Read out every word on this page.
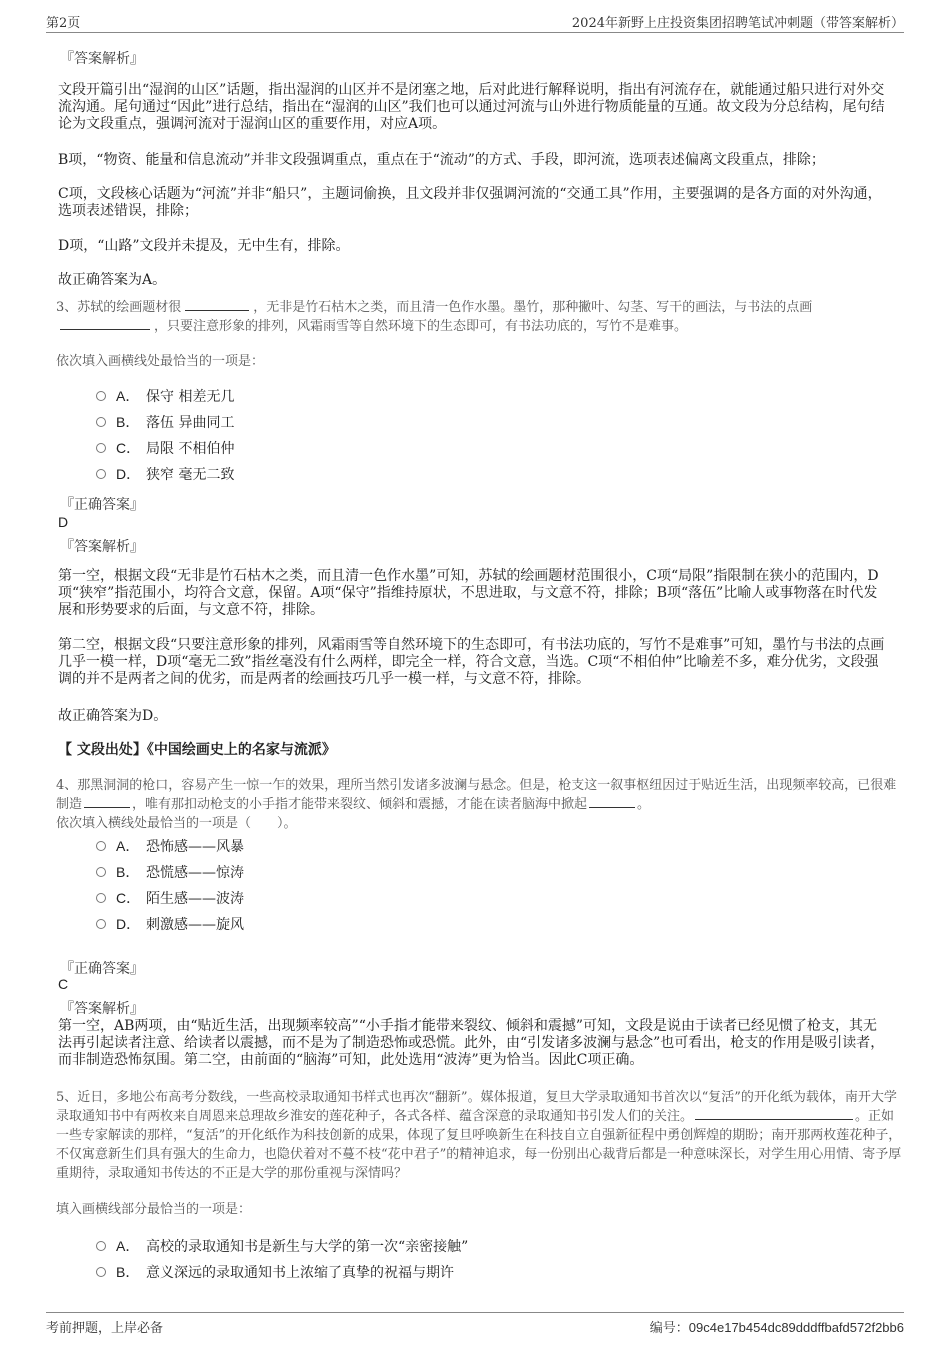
第2页	2024年新野上庄投资集团招聘笔试冲刺题（带答案解析）
『答案解析』
文段开篇引出“湿润的山区”话题，指出湿润的山区并不是闭塞之地，后对此进行解释说明，指出有河流存在，就能通过船只进行对外交流沟通。尾句通过“因此”进行总结，指出在“湿润的山区”我们也可以通过河流与山外进行物质能量的互通。故文段为分总结构，尾句结论为文段重点，强调河流对于湿润山区的重要作用，对应A项。
B项，“物资、能量和信息流动”并非文段强调重点，重点在于“流动”的方式、手段，即河流，选项表述偏离文段重点，排除；
C项，文段核心话题为“河流”并非“船只”，主题词偷换，且文段并非仅强调河流的“交通工具”作用，主要强调的是各方面的对外沟通，选项表述错误，排除；
D项，“山路”文段并未提及，无中生有，排除。
故正确答案为A。
3、苏轼的绘画题材很	，无非是竹石枯木之类，而且清一色作水墨。墨竹，那种撇叶、勾茎、写干的画法，与书法的点画，只要注意形象的排列，风霜雨雪等自然环境下的生态即可，有书法功底的，写竹不是难事。
依次填入画横线处最恰当的一项是：
A． 保守 相差无几
B． 落伍 异曲同工
C． 局限 不相伯仲
D． 狭窄 毫无二致
『正确答案』
D
『答案解析』
第一空，根据文段“无非是竹石枯木之类，而且清一色作水墨”可知，苏轼的绘画题材范围很小，C项“局限”指限制在狭小的范围内，D项“狭窄”指范围小，均符合文意，保留。A项“保守”指维持原状，不思进取，与文意不符，排除；B项“落伍”比喻人或事物落在时代发展和形势要求的后面，与文意不符，排除。
第二空，根据文段“只要注意形象的排列，风霜雨雪等自然环境下的生态即可，有书法功底的，写竹不是难事”可知，墨竹与书法的点画几乎一模一样，D项“毫无二致”指丝毫没有什么两样，即完全一样，符合文意，当选。C项“不相伯仲”比喻差不多，难分优劣，文段强调的并不是两者之间的优劣，而是两者的绘画技巧几乎一模一样，与文意不符，排除。
故正确答案为D。
【 文段出处】《中国绘画史上的名家与流派》
4、那黑洞洞的枪口，容易产生一惊一乍的效果，理所当然引发诸多波澜与悬念。但是，枪支这一叙事枢纽因过于贴近生活，出现频率较高，已很难制造	，唯有那扣动枪支的小手指才能带来裂纹、倾斜和震撼，才能在读者脑海中掀起	。
依次填入横线处最恰当的一项是（　　）。
A． 恐怖感——风暴
B． 恐慌感——惊涛
C． 陌生感——波涛
D． 刺激感——旋风
『正确答案』
C
『答案解析』
第一空，AB两项，由“贴近生活，出现频率较高”“小手指才能带来裂纹、倾斜和震撼”可知，文段是说由于读者已经见惯了枪支，其无法再引起读者注意、给读者以震撼，而不是为了制造恐怖或恐慌。此外，由“引发诸多波澜与悬念”也可看出，枪支的作用是吸引读者，而非制造恐怖氛围。第二空，由前面的“脑海”可知，此处选用“波涛”更为恰当。因此C项正确。
5、近日，多地公布高考分数线，一些高校录取通知书样式也再次“翻新”。媒体报道，复旦大学录取通知书首次以“复活”的开化纸为载体，南开大学录取通知书中有两枚来自周恩来总理故乡淮安的莲花种子，各式各样、蕴含深意的录取通知书引发人们的关注。	。正如一些专家解读的那样，“复活”的开化纸作为科技创新的成果，体现了复旦呼唤新生在科技自立自强新征程中勇创辉煌的期盼；南开那两枚莲花种子，不仅寓意新生们具有强大的生命力，也隐伏着对不蔓不枝“花中君子”的精神追求，每一份别出心裁背后都是一种意味深长，对学生用心用情、寄予厚重期待，录取通知书传达的不正是大学的那份重视与深情吗？
填入画横线部分最恰当的一项是：
A． 高校的录取通知书是新生与大学的第一次“亲密接触”
B． 意义深远的录取通知书上浓缩了真挚的祝福与期许
考前押题，上岸必备	编号：09c4e17b454dc89dddffbafd572f2bb6
